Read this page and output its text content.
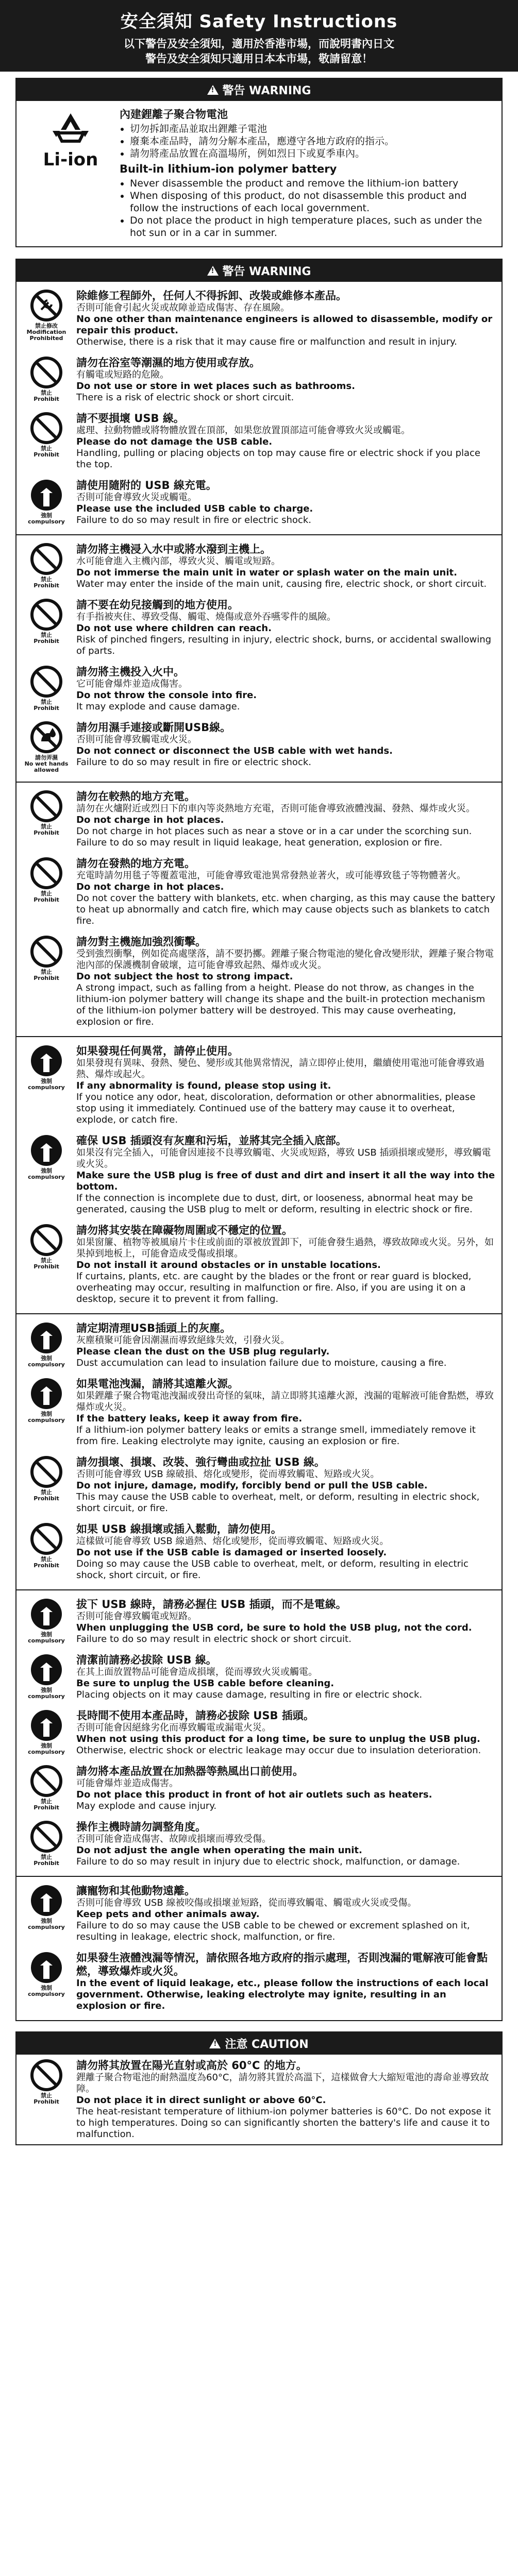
安全須知 Safety Instructions
以下警告及安全須知，適用於香港市場，而說明書內日文
警告及安全須知只適用日本本市場，敬請留意！
!
警告 WARNING
Li-ion
內建鋰離子聚合物電池
• 切勿拆卸產品並取出鋰離子電池
• 廢棄本產品時，請勿分解本產品，應遵守各地方政府的指示。
• 請勿將產品放置在高溫場所，例如烈日下或夏季車內。
Built-in lithium-ion polymer battery
• Never disassemble the product and remove the lithium-ion battery
• When disposing of this product, do not disassemble this product and follow the instructions of each local government.
• Do not place the product in high temperature places, such as under the hot sun or in a car in summer.
!
警告 WARNING
禁止修改
Modification
Prohibited
除維修工程師外，任何人不得拆卸、改裝或維修本產品。
否則可能會引起火災或故障並造成傷害、存在風險。
No one other than maintenance engineers is allowed to disassemble, modify or repair this product.
Otherwise, there is a risk that it may cause fire or malfunction and result in injury.
禁止
Prohibit
請勿在浴室等潮濕的地方使用或存放。
有觸電或短路的危險。
Do not use or store in wet places such as bathrooms.
There is a risk of electric shock or short circuit.
禁止
Prohibit
請不要損壞 USB 線。
處理、拉動物體或將物體放置在頂部，如果您放置頂部這可能會導致火災或觸電。
Please do not damage the USB cable.
Handling, pulling or placing objects on top may cause fire or electric shock if you place the top.
強制
compulsory
請使用隨附的 USB 線充電。
否則可能會導致火災或觸電。
Please use the included USB cable to charge.
Failure to do so may result in fire or electric shock.
禁止
Prohibit
請勿將主機浸入水中或將水潑到主機上。
水可能會進入主機內部，導致火災、觸電或短路。
Do not immerse the main unit in water or splash water on the main unit.
Water may enter the inside of the main unit, causing fire, electric shock, or short circuit.
禁止
Prohibit
請不要在幼兒接觸到的地方使用。
有手指被夾住、導致受傷、觸電、燒傷或意外吞嚥零件的風險。
Do not use where children can reach.
Risk of pinched fingers, resulting in injury, electric shock, burns, or accidental swallowing of parts.
禁止
Prohibit
請勿將主機投入火中。
它可能會爆炸並造成傷害。
Do not throw the console into fire.
It may explode and cause damage.
請勿弄濕
No wet hands
allowed
請勿用濕手連接或斷開USB線。
否則可能會導致觸電或火災。
Do not connect or disconnect the USB cable with wet hands.
Failure to do so may result in fire or electric shock.
禁止
Prohibit
請勿在較熱的地方充電。
請勿在火爐附近或烈日下的車內等炎熱地方充電，否則可能會導致液體洩漏、發熱、爆炸或火災。
Do not charge in hot places.
Do not charge in hot places such as near a stove or in a car under the scorching sun. Failure to do so may result in liquid leakage, heat generation, explosion or fire.
禁止
Prohibit
請勿在發熱的地方充電。
充電時請勿用毯子等覆蓋電池，可能會導致電池異常發熱並著火，或可能導致毯子等物體著火。
Do not charge in hot places.
Do not cover the battery with blankets, etc. when charging, as this may cause the battery to heat up abnormally and catch fire, which may cause objects such as blankets to catch fire.
禁止
Prohibit
請勿對主機施加強烈衝擊。
受到強烈衝擊，例如從高處墜落，請不要扔擲。鋰離子聚合物電池的變化會改變形狀，鋰離子聚合物電池內部的保護機制會破壞，這可能會導致起熱、爆炸或火災。
Do not subject the host to strong impact.
A strong impact, such as falling from a height. Please do not throw, as changes in the lithium-ion polymer battery will change its shape and the built-in protection mechanism of the lithium-ion polymer battery will be destroyed. This may cause overheating, explosion or fire.
強制
compulsory
如果發現任何異常，請停止使用。
如果發現有異味、發熱、變色、變形或其他異常情況，請立即停止使用，繼續使用電池可能會導致過熱、爆炸或起火。
If any abnormality is found, please stop using it.
If you notice any odor, heat, discoloration, deformation or other abnormalities, please stop using it immediately. Continued use of the battery may cause it to overheat, explode, or catch fire.
強制
compulsory
確保 USB 插頭沒有灰塵和污垢，並將其完全插入底部。
如果沒有完全插入，可能會因連接不良導致觸電、火災或短路，導致 USB 插頭損壞或變形，導致觸電或火災。
Make sure the USB plug is free of dust and dirt and insert it all the way into the bottom.
If the connection is incomplete due to dust, dirt, or looseness, abnormal heat may be generated, causing the USB plug to melt or deform, resulting in electric shock or fire.
禁止
Prohibit
請勿將其安裝在障礙物周圍或不穩定的位置。
如果窗簾、植物等被風扇片卡住或前面的罩被放置卸下，可能會發生過熱，導致故障或火災。另外，如果掉到地板上，可能會造成受傷或損壞。
Do not install it around obstacles or in unstable locations.
If curtains, plants, etc. are caught by the blades or the front or rear guard is blocked, overheating may occur, resulting in malfunction or fire. Also, if you are using it on a desktop, secure it to prevent it from falling.
強制
compulsory
請定期清理USB插頭上的灰塵。
灰塵積聚可能會因潮濕而導致絕緣失效，引發火災。
Please clean the dust on the USB plug regularly.
Dust accumulation can lead to insulation failure due to moisture, causing a fire.
強制
compulsory
如果電池洩漏，請將其遠離火源。
如果鋰離子聚合物電池洩漏或發出奇怪的氣味，請立即將其遠離火源，洩漏的電解液可能會點燃，導致爆炸或火災。
If the battery leaks, keep it away from fire.
If a lithium-ion polymer battery leaks or emits a strange smell, immediately remove it from fire. Leaking electrolyte may ignite, causing an explosion or fire.
禁止
Prohibit
請勿損壞、損壞、改裝、強行彎曲或拉扯 USB 線。
否則可能會導致 USB 線破損、熔化或變形，從而導致觸電、短路或火災。
Do not injure, damage, modify, forcibly bend or pull the USB cable.
This may cause the USB cable to overheat, melt, or deform, resulting in electric shock, short circuit, or fire.
禁止
Prohibit
如果 USB 線損壞或插入鬆動，請勿使用。
這樣做可能會導致 USB 線過熱、熔化或變形，從而導致觸電、短路或火災。
Do not use if the USB cable is damaged or inserted loosely.
Doing so may cause the USB cable to overheat, melt, or deform, resulting in electric shock, short circuit, or fire.
強制
compulsory
拔下 USB 線時，請務必握住 USB 插頭，而不是電線。
否則可能會導致觸電或短路。
When unplugging the USB cord, be sure to hold the USB plug, not the cord.
Failure to do so may result in electric shock or short circuit.
強制
compulsory
清潔前請務必拔除 USB 線。
在其上面放置物品可能會造成損壞，從而導致火災或觸電。
Be sure to unplug the USB cable before cleaning.
Placing objects on it may cause damage, resulting in fire or electric shock.
強制
compulsory
長時間不使用本產品時，請務必拔除 USB 插頭。
否則可能會因絕緣劣化而導致觸電或漏電火災。
When not using this product for a long time, be sure to unplug the USB plug.
Otherwise, electric shock or electric leakage may occur due to insulation deterioration.
禁止
Prohibit
請勿將本產品放置在加熱器等熱風出口前使用。
可能會爆炸並造成傷害。
Do not place this product in front of hot air outlets such as heaters.
May explode and cause injury.
禁止
Prohibit
操作主機時請勿調整角度。
否則可能會造成傷害、故障或損壞而導致受傷。
Do not adjust the angle when operating the main unit.
Failure to do so may result in injury due to electric shock, malfunction, or damage.
強制
compulsory
讓寵物和其他動物遠離。
否則可能會導致 USB 線被咬傷或損壞並短路，從而導致觸電、觸電或火災或受傷。
Keep pets and other animals away.
Failure to do so may cause the USB cable to be chewed or excrement splashed on it, resulting in leakage, electric shock, malfunction, or fire.
強制
compulsory
如果發生液體洩漏等情況，請依照各地方政府的指示處理，否則洩漏的電解液可能會點燃，導致爆炸或火災。
In the event of liquid leakage, etc., please follow the instructions of each local government. Otherwise, leaking electrolyte may ignite, resulting in an explosion or fire.
!
注意 CAUTION
禁止
Prohibit
請勿將其放置在陽光直射或高於 60°C 的地方。
鋰離子聚合物電池的耐熱溫度為60°C，請勿將其置於高溫下，這樣做會大大縮短電池的壽命並導致故障。
Do not place it in direct sunlight or above 60°C.
The heat-resistant temperature of lithium-ion polymer batteries is 60°C. Do not expose it to high temperatures. Doing so can significantly shorten the battery's life and cause it to malfunction.
